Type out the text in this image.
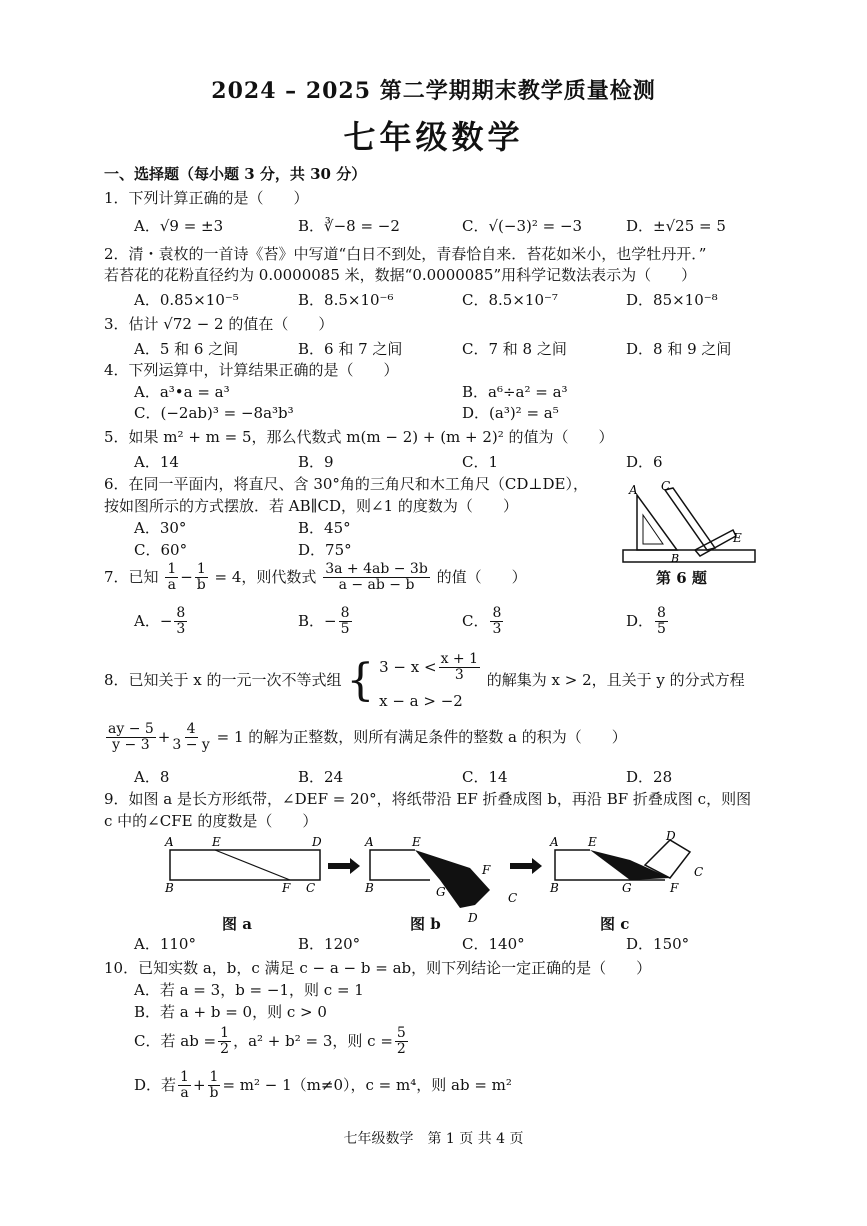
2024 – 2025 第二学期期末教学质量检测
七年级数学
一、选择题（每小题 3 分，共 30 分）
1．下列计算正确的是（　　）
A．√9 = ±3	B．∛−8 = −2	C．√(−3)² = −3	D．±√25 = 5
2．清・袁枚的一首诗《苔》中写道“白日不到处，青春恰自来．苔花如米小，也学牡丹开．”
若苔花的花粉直径约为 0.0000085 米，数据“0.0000085”用科学记数法表示为（　　）
A．0.85×10⁻⁵	B．8.5×10⁻⁶	C．8.5×10⁻⁷	D．85×10⁻⁸
3．估计 √72 − 2 的值在（　　）
A．5 和 6 之间	B．6 和 7 之间	C．7 和 8 之间	D．8 和 9 之间
4．下列运算中，计算结果正确的是（　　）
A．a³•a = a³	B．a⁶÷a² = a³
C．(−2ab)³ = −8a³b³	D．(a³)² = a⁵
5．如果 m² + m = 5，那么代数式 m(m − 2) + (m + 2)² 的值为（　　）
A．14	B．9	C．1	D．6
6．在同一平面内，将直尺、含 30°角的三角尺和木工角尺（CD⊥DE），
按如图所示的方式摆放．若 AB∥CD，则∠1 的度数为（　　）
A．30°	B．45°
C．60°	D．75°
A C
E
B
第 6 题
7．已知 $\frac{1}{a} - \frac{1}{b} = 4$，则代数式 $\frac{3a + 4ab - 3b}{a - ab - b}$ 的值（　　）
A．− $\frac{8}{3}$	B．− $\frac{8}{5}$	C． $\frac{8}{3}$	D． $\frac{8}{5}$
8．已知关于 x 的一元一次不等式组 { $3 - x < \frac{x + 1}{3}$
x − a > −2
的解集为 x > 2，且关于 y 的分式方程
$\frac{ay - 5}{y - 3} + \frac{4}{3 - y} = 1$ 的解为正整数，则所有满足条件的整数 a 的积为（　　）
A．8	B．24	C．14	D．28
9．如图 a 是长方形纸带，∠DEF = 20°，将纸带沿 EF 折叠成图 b，再沿 BF 折叠成图 c，则图
c 中的∠CFE 的度数是（　　）
A	E	D
B	F C
A	E
B	G
F
C
D
A E
B	G	F
D
C
图 a	图 b	图 c
A．110°	B．120°	C．140°	D．150°
10．已知实数 a，b，c 满足 c − a − b = ab，则下列结论一定正确的是（　　）
A．若 a = 3，b = −1，则 c = 1
B．若 a + b = 0，则 c > 0
C．若 ab = $\frac{1}{2}$ ，a² + b² = 3，则 $c = \frac{5}{2}$
D．若 $\frac{1}{a} + \frac{1}{b} = m^2 - 1(m\ne 0)$，c = m⁴，则 ab = m²
七年级数学　第 1 页 共 4 页
